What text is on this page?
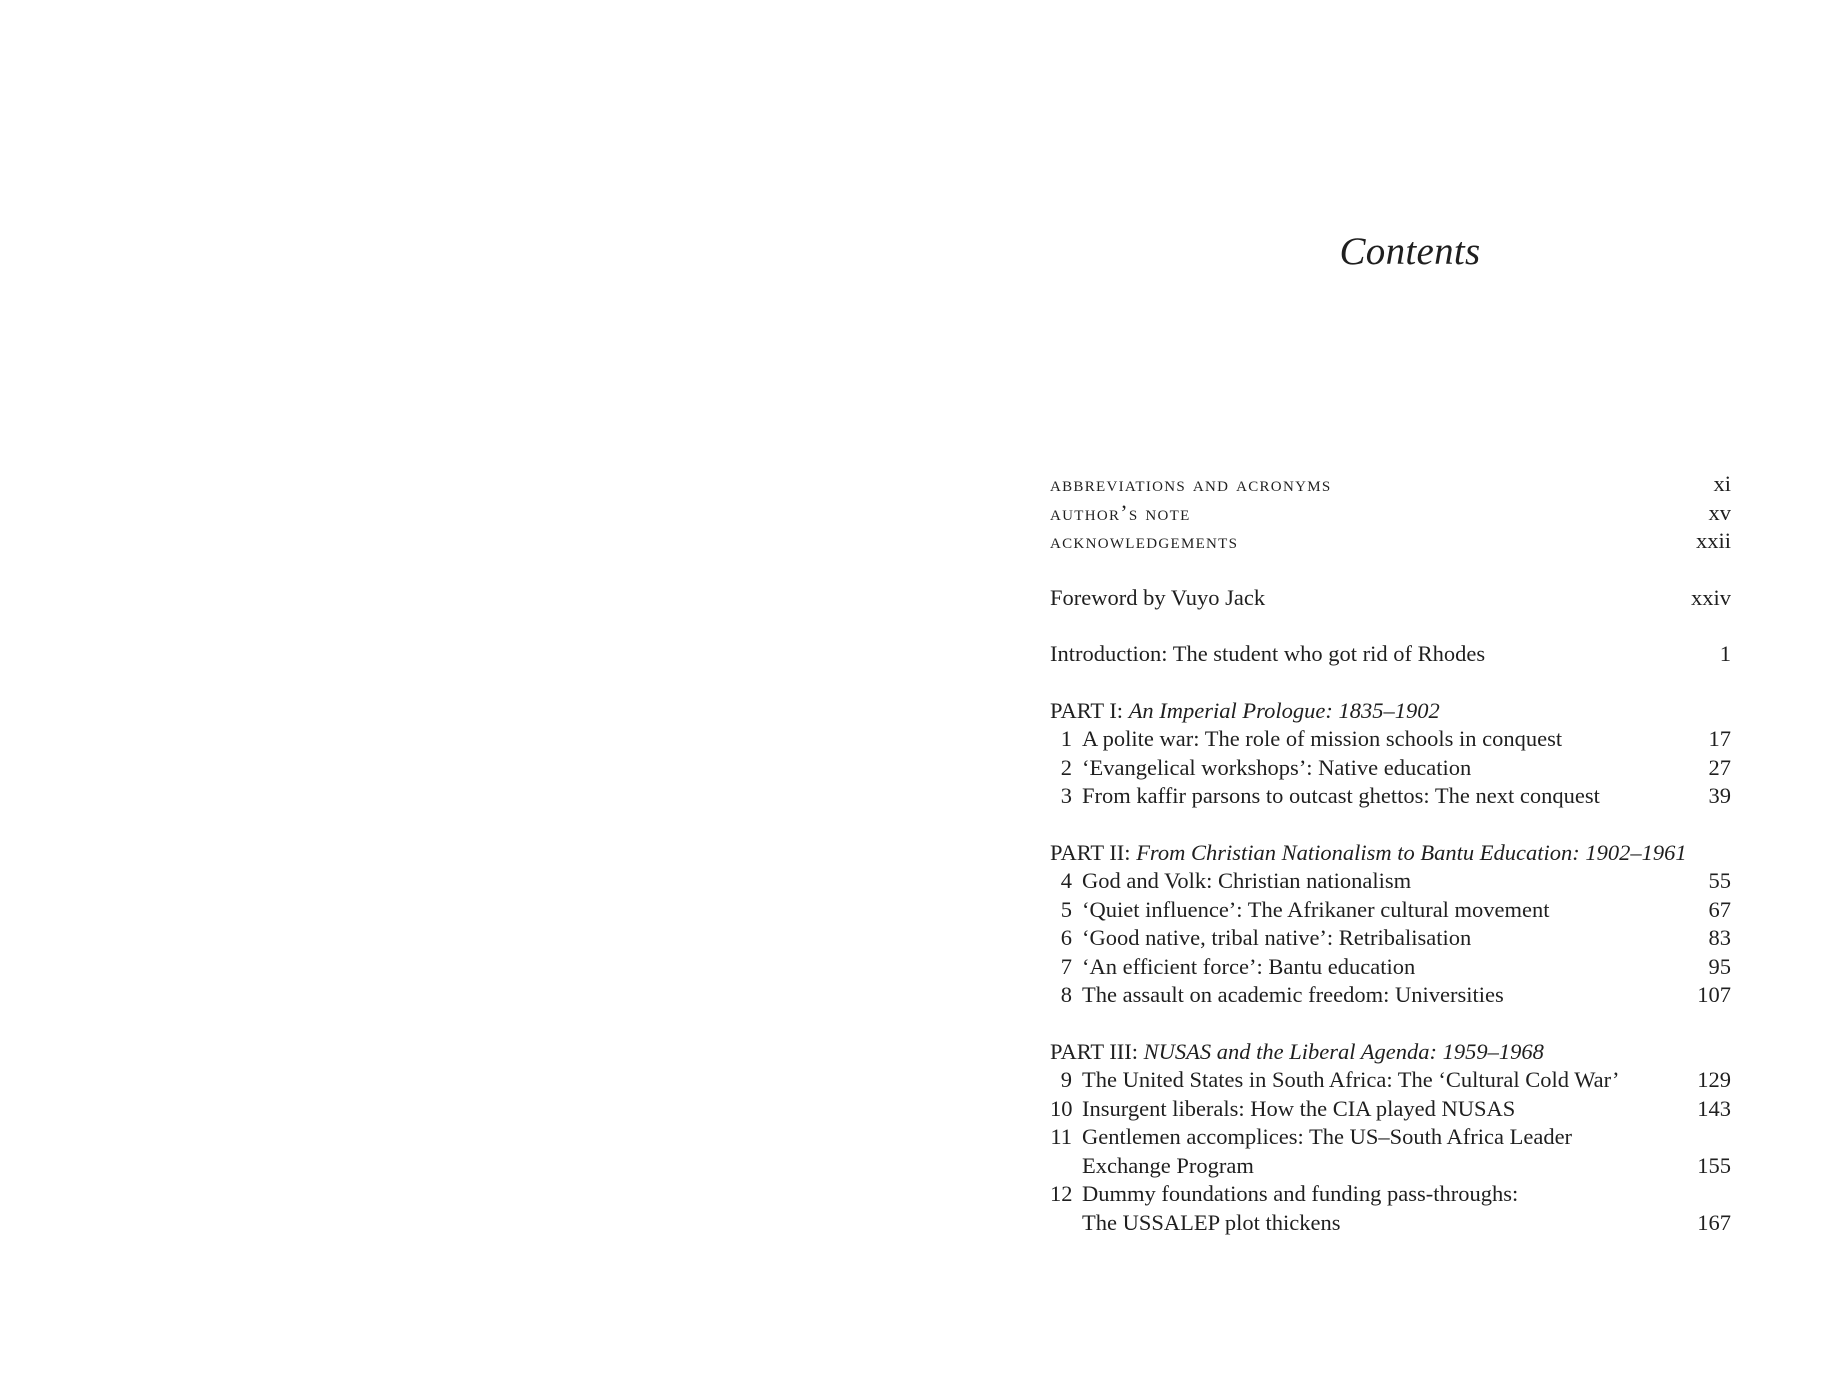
Contents
abbreviations and acronyms	xi
author’s note	xv
acknowledgements	xxii
Foreword by Vuyo Jack	xxiv
Introduction: The student who got rid of Rhodes	1
PART I: An Imperial Prologue: 1835–1902
1 A polite war: The role of mission schools in conquest	17
2 ‘Evangelical workshops’: Native education	27
3 From kaffir parsons to outcast ghettos: The next conquest	39
PART II: From Christian Nationalism to Bantu Education: 1902–1961
4 God and Volk: Christian nationalism	55
5 ‘Quiet influence’: The Afrikaner cultural movement	67
6 ‘Good native, tribal native’: Retribalisation	83
7 ‘An efficient force’: Bantu education	95
8 The assault on academic freedom: Universities	107
PART III: NUSAS and the Liberal Agenda: 1959–1968
9 The United States in South Africa: The ‘Cultural Cold War’	129
10 Insurgent liberals: How the CIA played NUSAS	143
11 Gentlemen accomplices: The US–South Africa Leader
Exchange Program	155
12 Dummy foundations and funding pass-throughs:
The USSALEP plot thickens	167
